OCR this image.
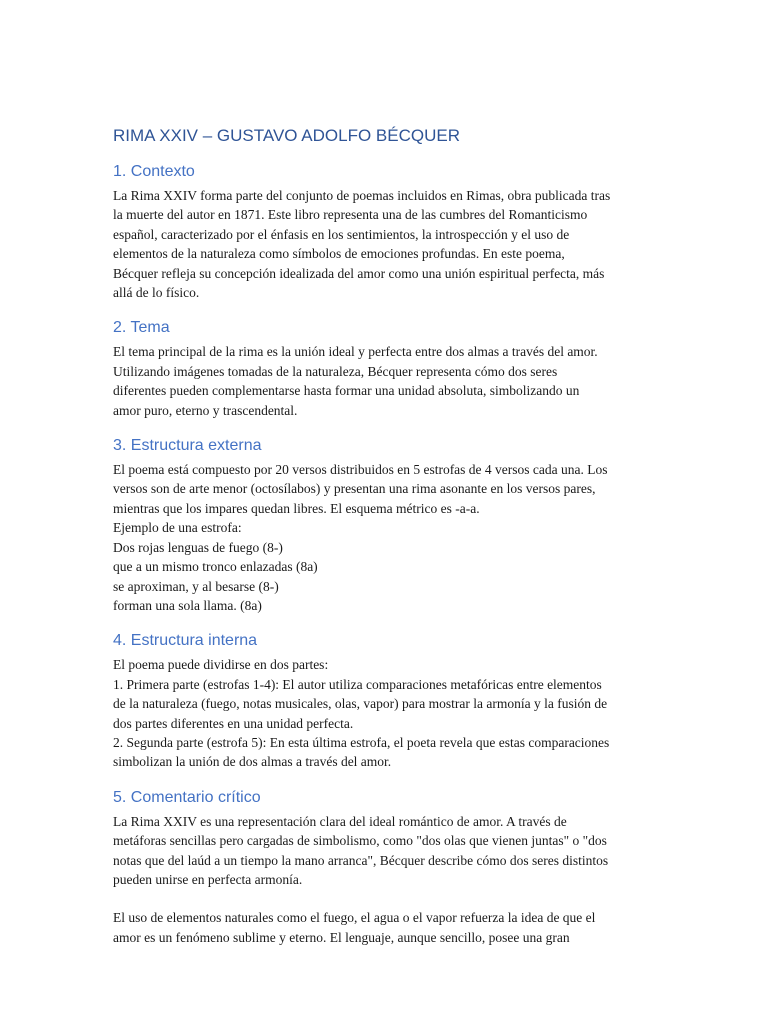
RIMA XXIV – GUSTAVO ADOLFO BÉCQUER
1. Contexto

La Rima XXIV forma parte del conjunto de poemas incluidos en Rimas, obra publicada tras

la muerte del autor en 1871. Este libro representa una de las cumbres del Romanticismo

español, caracterizado por el énfasis en los sentimientos, la introspección y el uso de

elementos de la naturaleza como símbolos de emociones profundas. En este poema,

Bécquer refleja su concepción idealizada del amor como una unión espiritual perfecta, más

allá de lo físico.

2. Tema

El tema principal de la rima es la unión ideal y perfecta entre dos almas a través del amor.

Utilizando imágenes tomadas de la naturaleza, Bécquer representa cómo dos seres

diferentes pueden complementarse hasta formar una unidad absoluta, simbolizando un

amor puro, eterno y trascendental.

3. Estructura externa

El poema está compuesto por 20 versos distribuidos en 5 estrofas de 4 versos cada una. Los

versos son de arte menor (octosílabos) y presentan una rima asonante en los versos pares,

mientras que los impares quedan libres. El esquema métrico es -a-a.

Ejemplo de una estrofa:

Dos rojas lenguas de fuego (8-)

que a un mismo tronco enlazadas (8a)

se aproximan, y al besarse (8-)

forman una sola llama. (8a)

4. Estructura interna

El poema puede dividirse en dos partes:

1. Primera parte (estrofas 1-4): El autor utiliza comparaciones metafóricas entre elementos

de la naturaleza (fuego, notas musicales, olas, vapor) para mostrar la armonía y la fusión de

dos partes diferentes en una unidad perfecta.

2. Segunda parte (estrofa 5): En esta última estrofa, el poeta revela que estas comparaciones

simbolizan la unión de dos almas a través del amor.

5. Comentario crítico

La Rima XXIV es una representación clara del ideal romántico de amor. A través de

metáforas sencillas pero cargadas de simbolismo, como "dos olas que vienen juntas" o "dos

notas que del laúd a un tiempo la mano arranca", Bécquer describe cómo dos seres distintos

pueden unirse en perfecta armonía.

El uso de elementos naturales como el fuego, el agua o el vapor refuerza la idea de que el

amor es un fenómeno sublime y eterno. El lenguaje, aunque sencillo, posee una gran
